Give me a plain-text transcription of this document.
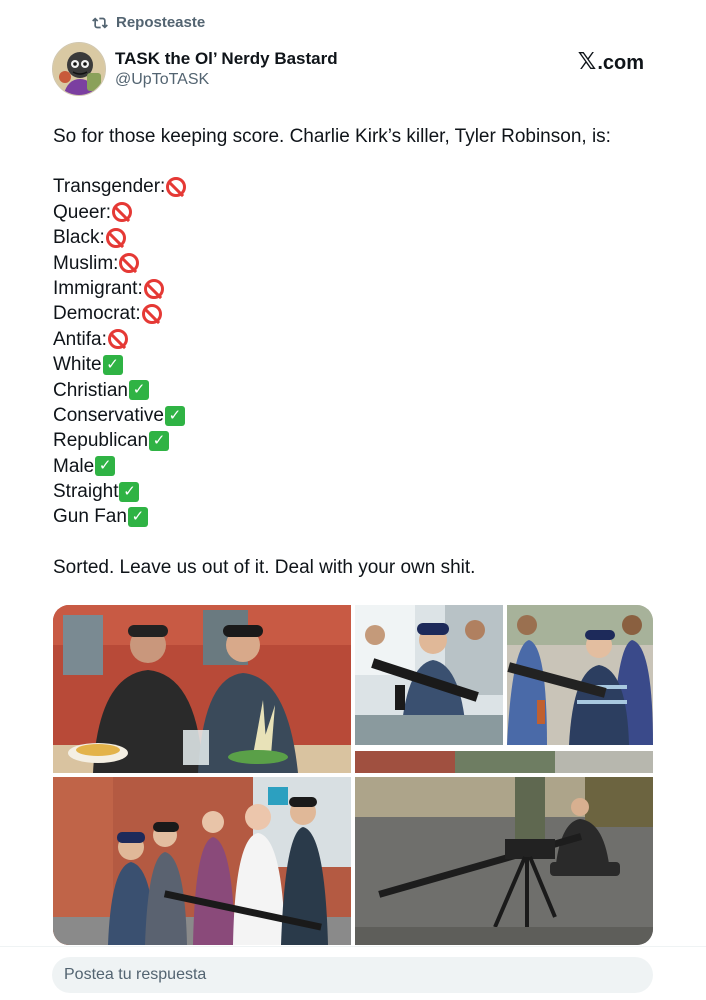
Reposteaste
TASK the Ol’ Nerdy Bastard
@UpToTASK
𝕏 .com
So for those keeping score. Charlie Kirk’s killer, Tyler Robinson, is:
Transgender:
Queer:
Black:
Muslim:
Immigrant:
Democrat:
Antifa:
White ✓
Christian ✓
Conservative ✓
Republican ✓
Male ✓
Straight ✓
Gun Fan ✓
Sorted. Leave us out of it. Deal with your own shit.
Postea tu respuesta
